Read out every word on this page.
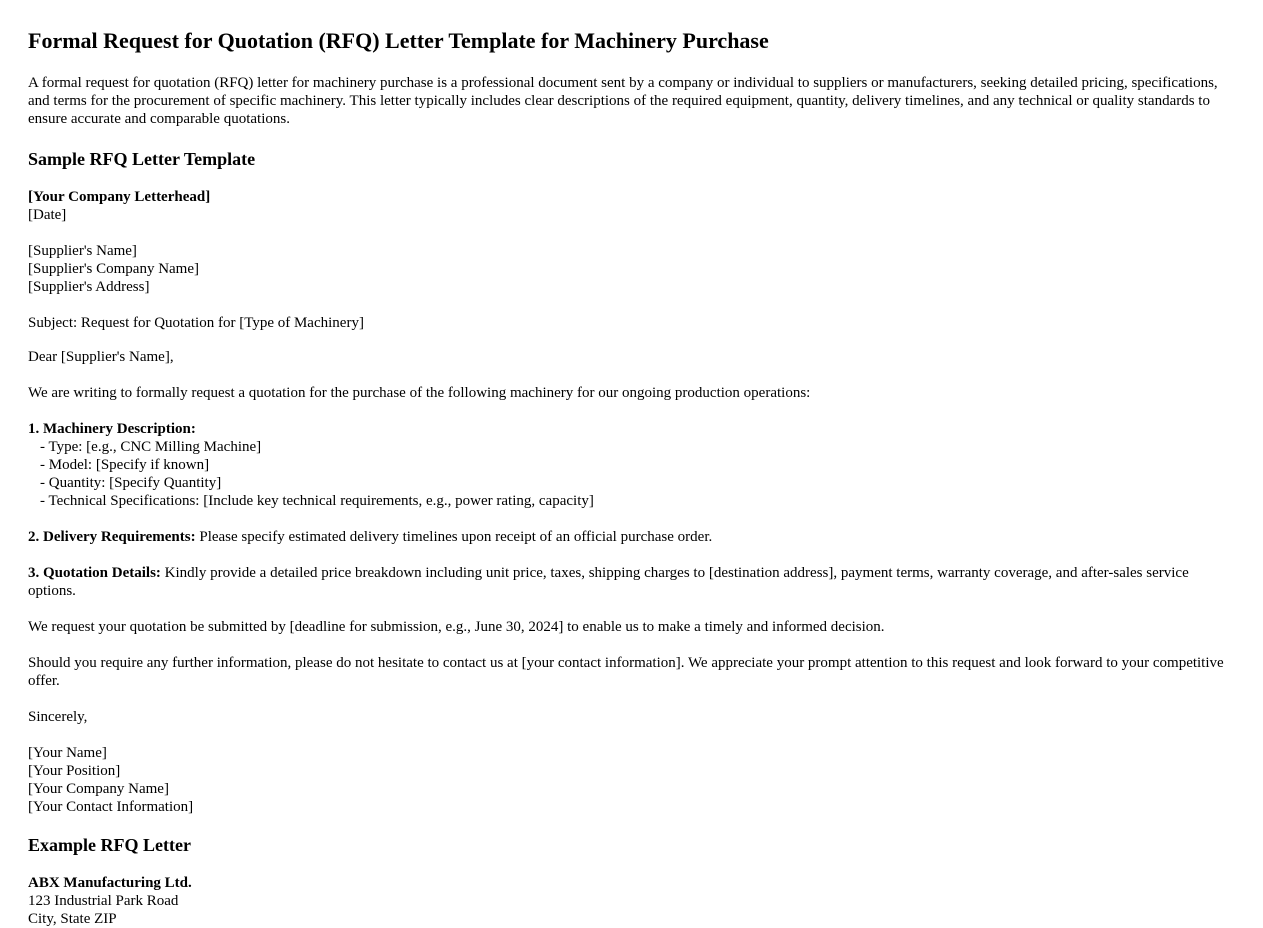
Formal Request for Quotation (RFQ) Letter Template for Machinery Purchase

A formal request for quotation (RFQ) letter for machinery purchase is a professional document sent by a company or individual to suppliers or manufacturers, seeking detailed pricing, specifications, and terms for the procurement of specific machinery. This letter typically includes clear descriptions of the required equipment, quantity, delivery timelines, and any technical or quality standards to ensure accurate and comparable quotations.

Sample RFQ Letter Template
[Your Company Letterhead]
[Date]
[Supplier's Name]
[Supplier's Company Name]
[Supplier's Address]

Subject: Request for Quotation for [Type of Machinery]

Dear [Supplier's Name],

We are writing to formally request a quotation for the purchase of the following machinery for our ongoing production operations:

1. Machinery Description:
- Type: [e.g., CNC Milling Machine]
- Model: [Specify if known]
- Quantity: [Specify Quantity]
- Technical Specifications: [Include key technical requirements, e.g., power rating, capacity]

2. Delivery Requirements: Please specify estimated delivery timelines upon receipt of an official purchase order.

3. Quotation Details: Kindly provide a detailed price breakdown including unit price, taxes, shipping charges to [destination address], payment terms, warranty coverage, and after-sales service options.

We request your quotation be submitted by [deadline for submission, e.g., June 30, 2024] to enable us to make a timely and informed decision.

Should you require any further information, please do not hesitate to contact us at [your contact information]. We appreciate your prompt attention to this request and look forward to your competitive offer.

Sincerely,

[Your Name]
[Your Position]
[Your Company Name]
[Your Contact Information]
Example RFQ Letter
ABX Manufacturing Ltd.
123 Industrial Park Road
City, State ZIP
